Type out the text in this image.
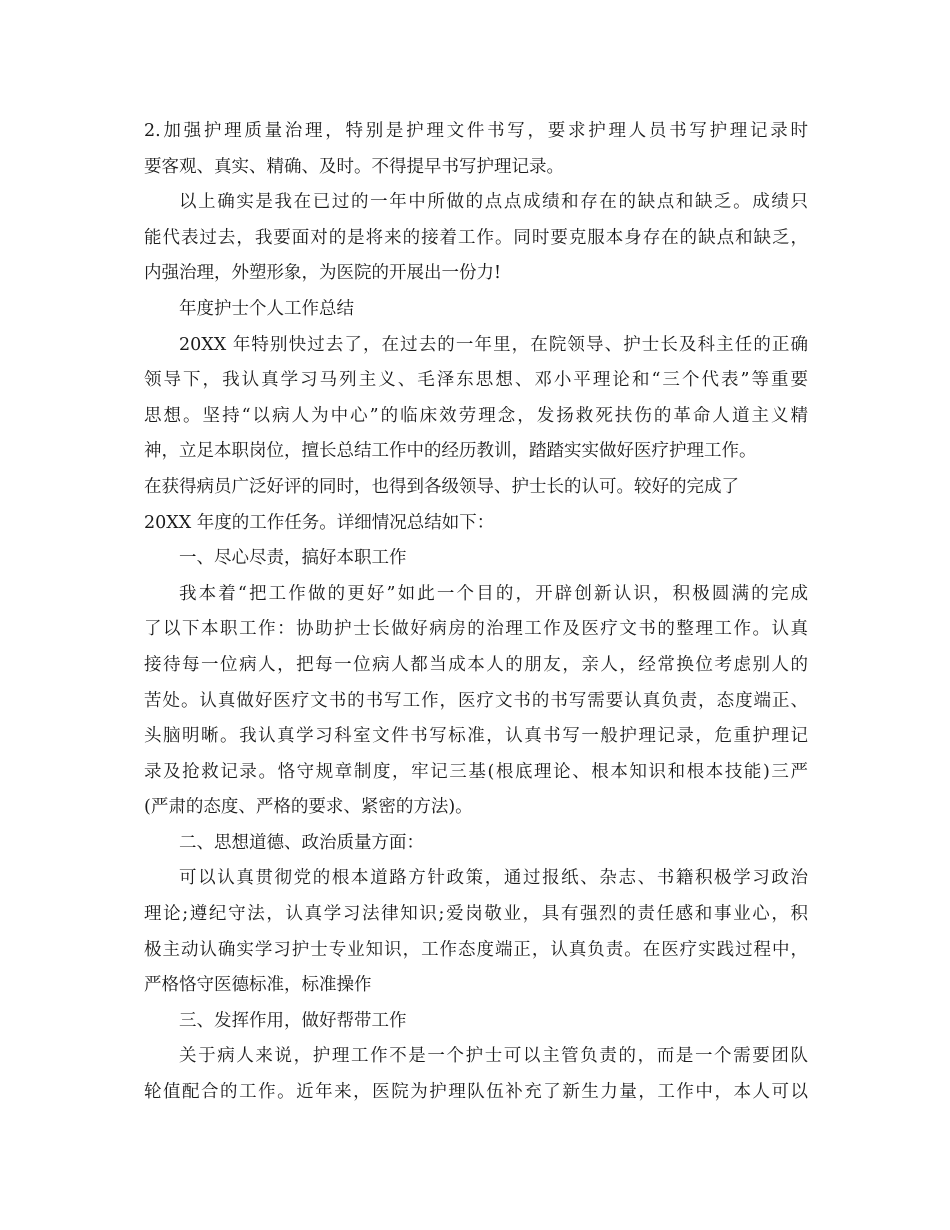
2.加强护理质量治理，特别是护理文件书写，要求护理人员书写护理记录时
要客观、真实、精确、及时。不得提早书写护理记录。
以上确实是我在已过的一年中所做的点点成绩和存在的缺点和缺乏。成绩只
能代表过去，我要面对的是将来的接着工作。同时要克服本身存在的缺点和缺乏，
内强治理，外塑形象，为医院的开展出一份力!
年度护士个人工作总结
20XX 年特别快过去了，在过去的一年里，在院领导、护士长及科主任的正确
领导下，我认真学习马列主义、毛泽东思想、邓小平理论和“三个代表”等重要
思想。坚持“以病人为中心”的临床效劳理念，发扬救死扶伤的革命人道主义精
神，立足本职岗位，擅长总结工作中的经历教训，踏踏实实做好医疗护理工作。
在获得病员广泛好评的同时，也得到各级领导、护士长的认可。较好的完成了
20XX 年度的工作任务。详细情况总结如下：
一、尽心尽责，搞好本职工作
我本着“把工作做的更好”如此一个目的，开辟创新认识，积极圆满的完成
了以下本职工作：协助护士长做好病房的治理工作及医疗文书的整理工作。认真
接待每一位病人，把每一位病人都当成本人的朋友，亲人，经常换位考虑别人的
苦处。认真做好医疗文书的书写工作，医疗文书的书写需要认真负责，态度端正、
头脑明晰。我认真学习科室文件书写标准，认真书写一般护理记录，危重护理记
录及抢救记录。恪守规章制度，牢记三基(根底理论、根本知识和根本技能)三严
(严肃的态度、严格的要求、紧密的方法)。
二、思想道德、政治质量方面：
可以认真贯彻党的根本道路方针政策，通过报纸、杂志、书籍积极学习政治
理论;遵纪守法，认真学习法律知识;爱岗敬业，具有强烈的责任感和事业心，积
极主动认确实学习护士专业知识，工作态度端正，认真负责。在医疗实践过程中，
严格恪守医德标准，标准操作
三、发挥作用，做好帮带工作
关于病人来说，护理工作不是一个护士可以主管负责的，而是一个需要团队
轮值配合的工作。近年来，医院为护理队伍补充了新生力量，工作中，本人可以
